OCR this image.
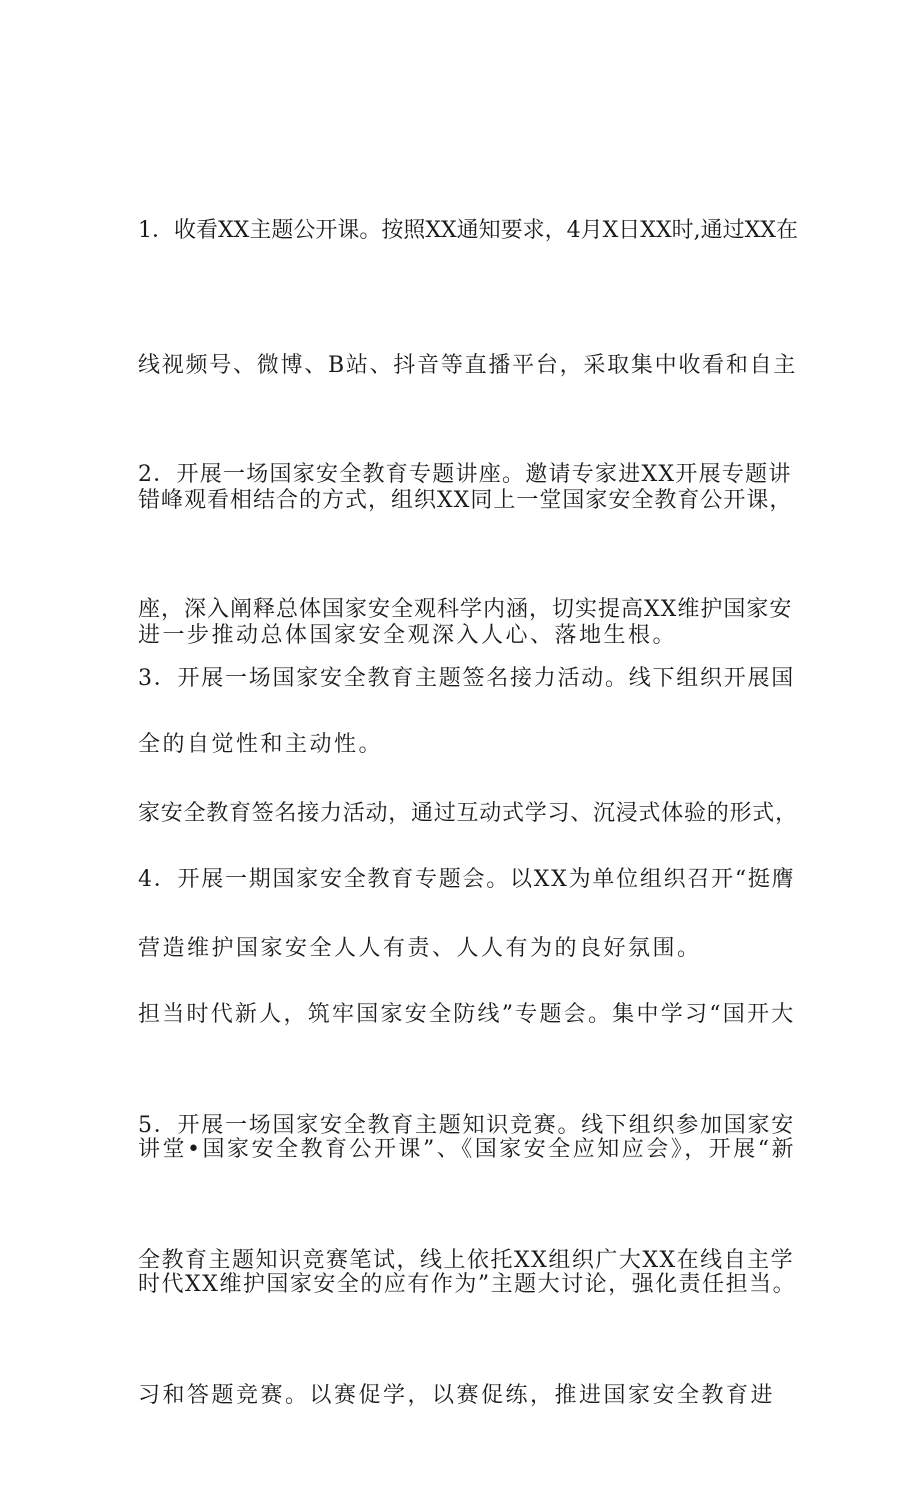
1．收看XX主题公开课。按照XX通知要求，4月X日XX时,通过XX在

线视频号、微博、B站、抖音等直播平台，采取集中收看和自主

错峰观看相结合的方式，组织XX同上一堂国家安全教育公开课，

进一步推动总体国家安全观深入人心、落地生根。

2．开展一场国家安全教育专题讲座。邀请专家进XX开展专题讲

座，深入阐释总体国家安全观科学内涵，切实提高XX维护国家安

全的自觉性和主动性。

3．开展一场国家安全教育主题签名接力活动。线下组织开展国

家安全教育签名接力活动，通过互动式学习、沉浸式体验的形式，

营造维护国家安全人人有责、人人有为的良好氛围。

4．开展一期国家安全教育专题会。以XX为单位组织召开“挺膺

担当时代新人，筑牢国家安全防线”专题会。集中学习“国开大

讲堂•国家安全教育公开课”、《国家安全应知应会》，开展“新

时代XX维护国家安全的应有作为”主题大讨论，强化责任担当。

5．开展一场国家安全教育主题知识竞赛。线下组织参加国家安

全教育主题知识竞赛笔试，线上依托XX组织广大XX在线自主学

习和答题竞赛。以赛促学，以赛促练，推进国家安全教育进
